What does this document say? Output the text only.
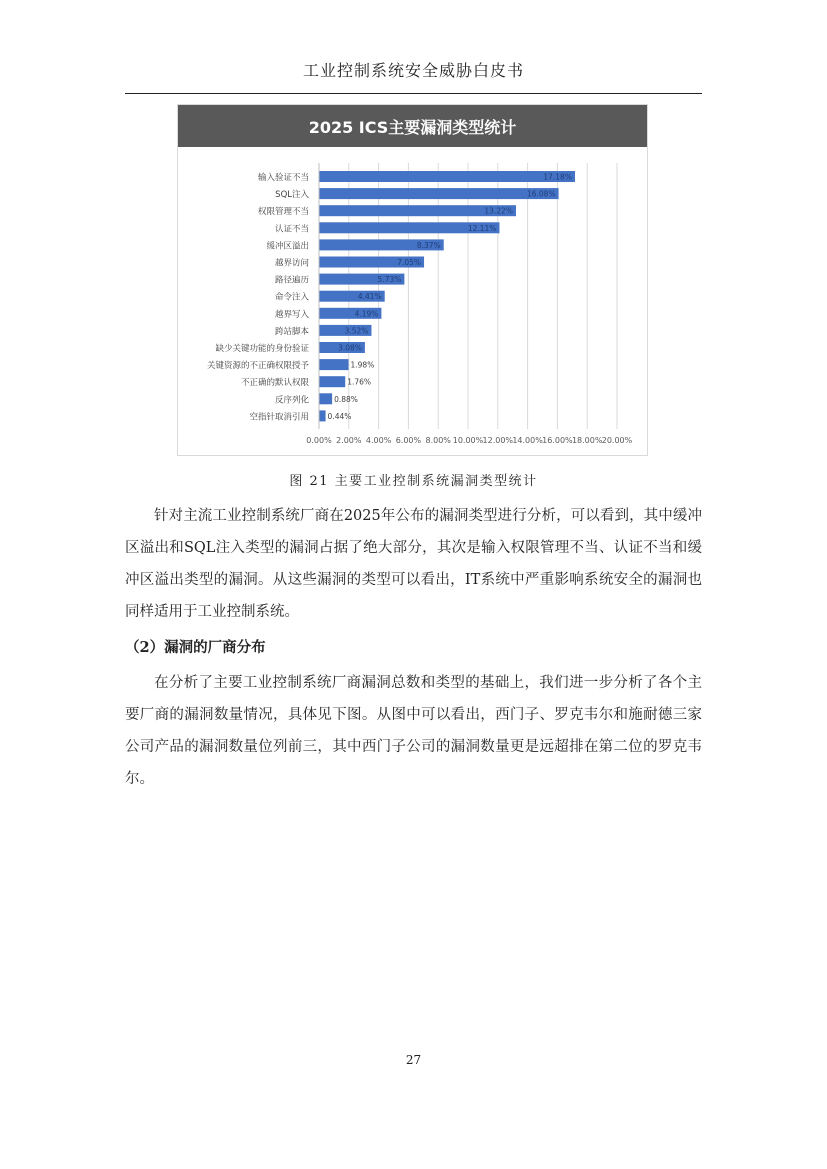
工业控制系统安全威胁白皮书
2025 ICS主要漏洞类型统计
0.00% 2.00% 4.00% 6.00% 8.00% 10.00% 12.00% 14.00% 16.00% 18.00% 20.00%
输入验证不当	17.18%
SQL注入	16.08%
权限管理不当	13.22%
认证不当	12.11%
缓冲区溢出	8.37%
越界访问	7.05%
路径遍历	5.73%
命令注入	4.41%
越界写入	4.19%
跨站脚本	3.52%
缺少关键功能的身份验证	3.08%
关键资源的不正确权限授予	1.98%
不正确的默认权限	1.76%
反序列化	0.88%
空指针取消引用 0.44%
图 21 主要工业控制系统漏洞类型统计
针对主流工业控制系统厂商在2025年公布的漏洞类型进行分析，可以看到，其中缓冲区溢出和SQL注入类型的漏洞占据了绝大部分，其次是输入权限管理不当、认证不当和缓冲区溢出类型的漏洞。从这些漏洞的类型可以看出，IT系统中严重影响系统安全的漏洞也同样适用于工业控制系统。
（2）漏洞的厂商分布
在分析了主要工业控制系统厂商漏洞总数和类型的基础上，我们进一步分析了各个主要厂商的漏洞数量情况，具体见下图。从图中可以看出，西门子、罗克韦尔和施耐德三家公司产品的漏洞数量位列前三，其中西门子公司的漏洞数量更是远超排在第二位的罗克韦尔。
27
